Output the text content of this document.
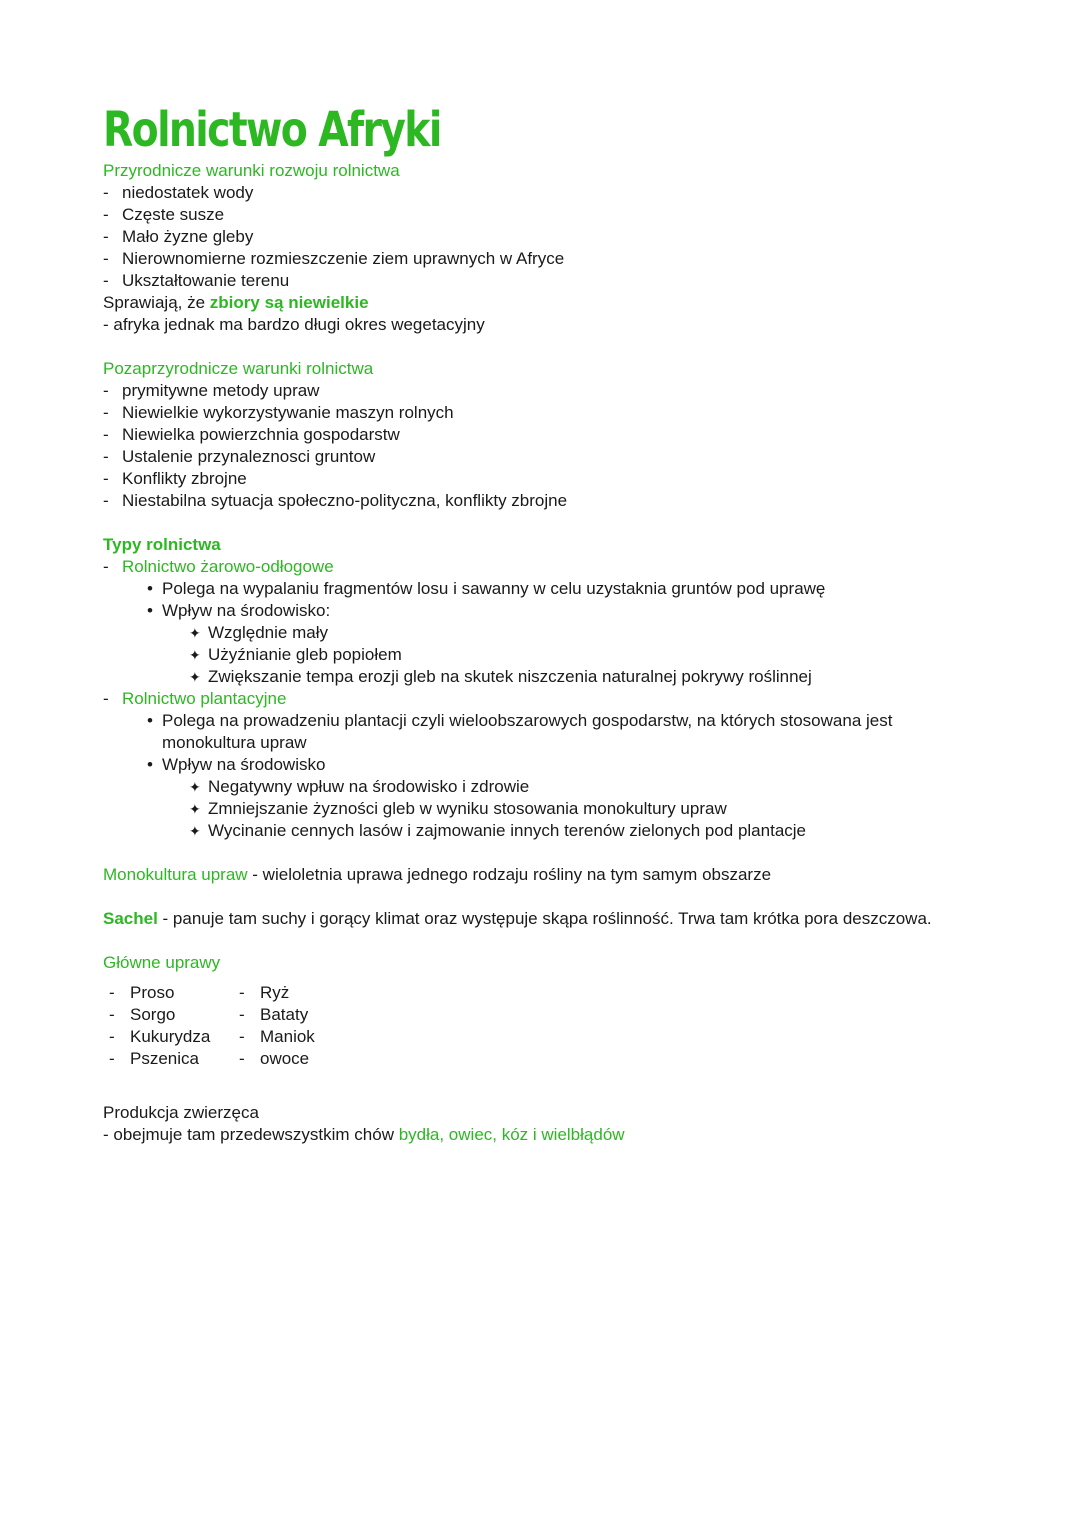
Rolnictwo Afryki
Przyrodnicze warunki rozwoju rolnictwa
- niedostatek wody
- Częste susze
- Mało żyzne gleby
- Nierownomierne rozmieszczenie ziem uprawnych w Afryce
- Ukształtowanie terenu
Sprawiają, że zbiory są niewielkie
- afryka jednak ma bardzo długi okres wegetacyjny
Pozaprzyrodnicze warunki rolnictwa
- prymitywne metody upraw
- Niewielkie wykorzystywanie maszyn rolnych
- Niewielka powierzchnia gospodarstw
- Ustalenie przynaleznosci gruntow
- Konflikty zbrojne
- Niestabilna sytuacja społeczno-polityczna, konflikty zbrojne
Typy rolnictwa
- Rolnictwo żarowo-odłogowe
• Polega na wypalaniu fragmentów losu i sawanny w celu uzystaknia gruntów pod uprawę
• Wpływ na środowisko:
✦ Względnie mały
✦ Użyźnianie gleb popiołem
✦ Zwiększanie tempa erozji gleb na skutek niszczenia naturalnej pokrywy roślinnej
- Rolnictwo plantacyjne
• Polega na prowadzeniu plantacji czyli wieloobszarowych gospodarstw, na których stosowana jest monokultura upraw
• Wpływ na środowisko
✦ Negatywny wpłuw na środowisko i zdrowie
✦ Zmniejszanie żyzności gleb w wyniku stosowania monokultury upraw
✦ Wycinanie cennych lasów i zajmowanie innych terenów zielonych pod plantacje
Monokultura upraw - wieloletnia uprawa jednego rodzaju rośliny na tym samym obszarze
Sachel - panuje tam suchy i gorący klimat oraz występuje skąpa roślinność. Trwa tam krótka pora deszczowa.
Główne uprawy
- Proso
- Sorgo
- Kukurydza
- Pszenica
- Ryż
- Bataty
- Maniok
- owoce
Produkcja zwierzęca
- obejmuje tam przedewszystkim chów bydła, owiec, kóz i wielbłądów
